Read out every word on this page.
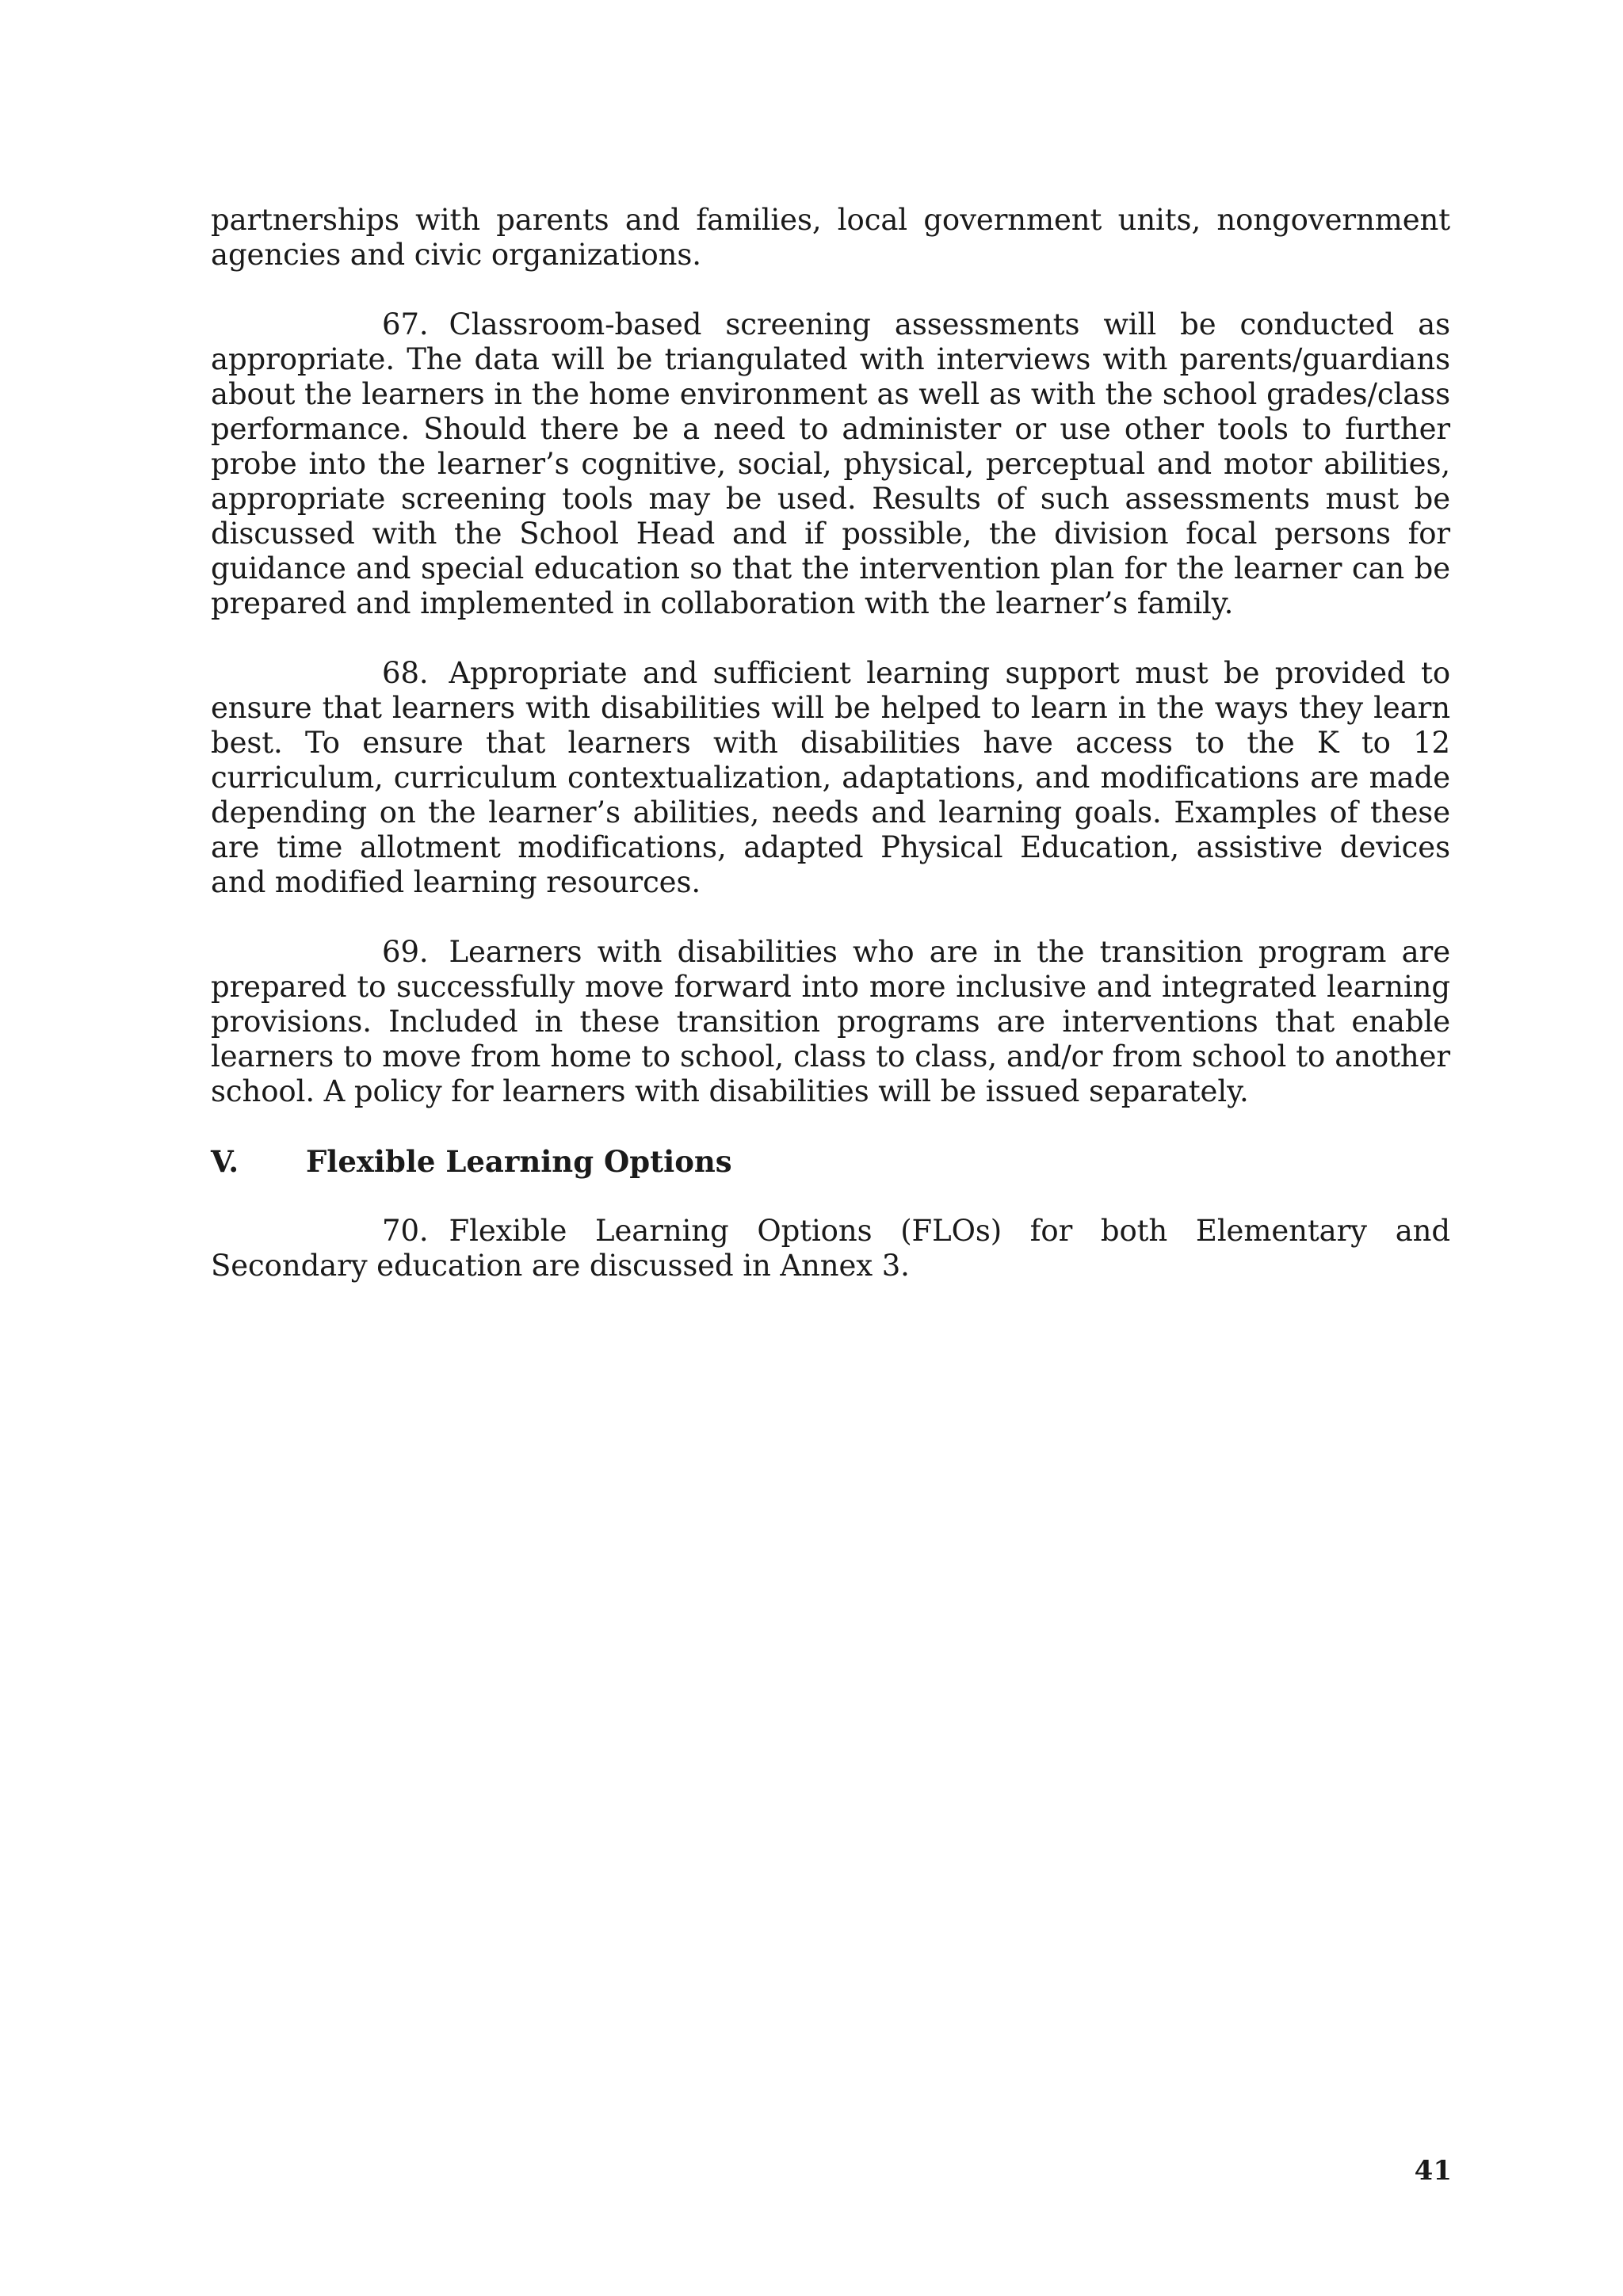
partnerships with parents and families, local government units, nongovernment agencies and civic organizations.

67. Classroom-based screening assessments will be conducted as appropriate. The data will be triangulated with interviews with parents/guardians about the learners in the home environment as well as with the school grades/class performance. Should there be a need to administer or use other tools to further probe into the learner’s cognitive, social, physical, perceptual and motor abilities, appropriate screening tools may be used. Results of such assessments must be discussed with the School Head and if possible, the division focal persons for guidance and special education so that the intervention plan for the learner can be prepared and implemented in collaboration with the learner’s family.

68. Appropriate and sufficient learning support must be provided to ensure that learners with disabilities will be helped to learn in the ways they learn best. To ensure that learners with disabilities have access to the K to 12 curriculum, curriculum contextualization, adaptations, and modifications are made depending on the learner’s abilities, needs and learning goals. Examples of these are time allotment modifications, adapted Physical Education, assistive devices and modified learning resources.

69. Learners with disabilities who are in the transition program are prepared to successfully move forward into more inclusive and integrated learning provisions. Included in these transition programs are interventions that enable learners to move from home to school, class to class, and/or from school to another school. A policy for learners with disabilities will be issued separately.

V. Flexible Learning Options

70. Flexible Learning Options (FLOs) for both Elementary and Secondary education are discussed in Annex 3.

41
